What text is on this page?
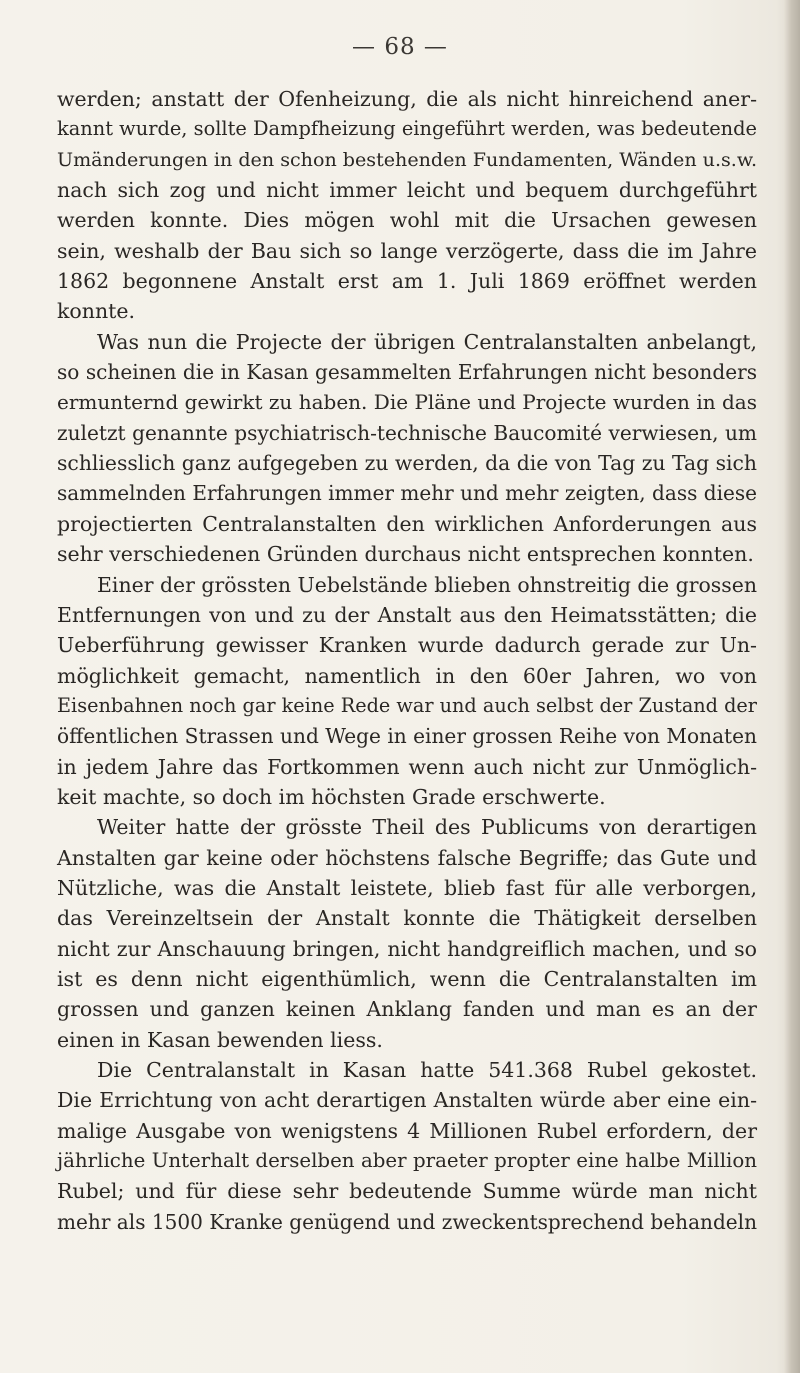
— 68 —
werden; anstatt der Ofenheizung, die als nicht hinreichend aner-
kannt wurde, sollte Dampfheizung eingeführt werden, was bedeutende
Umänderungen in den schon bestehenden Fundamenten, Wänden u.s.w.
nach sich zog und nicht immer leicht und bequem durchgeführt
werden konnte. Dies mögen wohl mit die Ursachen gewesen
sein, weshalb der Bau sich so lange verzögerte, dass die im Jahre
1862 begonnene Anstalt erst am 1. Juli 1869 eröffnet werden
konnte.
Was nun die Projecte der übrigen Centralanstalten anbelangt,
so scheinen die in Kasan gesammelten Erfahrungen nicht besonders
ermunternd gewirkt zu haben. Die Pläne und Projecte wurden in das
zuletzt genannte psychiatrisch-technische Baucomité verwiesen, um
schliesslich ganz aufgegeben zu werden, da die von Tag zu Tag sich
sammelnden Erfahrungen immer mehr und mehr zeigten, dass diese
projectierten Centralanstalten den wirklichen Anforderungen aus
sehr verschiedenen Gründen durchaus nicht entsprechen konnten.
Einer der grössten Uebelstände blieben ohnstreitig die grossen
Entfernungen von und zu der Anstalt aus den Heimatsstätten; die
Ueberführung gewisser Kranken wurde dadurch gerade zur Un-
möglichkeit gemacht, namentlich in den 60er Jahren, wo von
Eisenbahnen noch gar keine Rede war und auch selbst der Zustand der
öffentlichen Strassen und Wege in einer grossen Reihe von Monaten
in jedem Jahre das Fortkommen wenn auch nicht zur Unmöglich-
keit machte, so doch im höchsten Grade erschwerte.
Weiter hatte der grösste Theil des Publicums von derartigen
Anstalten gar keine oder höchstens falsche Begriffe; das Gute und
Nützliche, was die Anstalt leistete, blieb fast für alle verborgen,
das Vereinzeltsein der Anstalt konnte die Thätigkeit derselben
nicht zur Anschauung bringen, nicht handgreiflich machen, und so
ist es denn nicht eigenthümlich, wenn die Centralanstalten im
grossen und ganzen keinen Anklang fanden und man es an der
einen in Kasan bewenden liess.
Die Centralanstalt in Kasan hatte 541.368 Rubel gekostet.
Die Errichtung von acht derartigen Anstalten würde aber eine ein-
malige Ausgabe von wenigstens 4 Millionen Rubel erfordern, der
jährliche Unterhalt derselben aber praeter propter eine halbe Million
Rubel; und für diese sehr bedeutende Summe würde man nicht
mehr als 1500 Kranke genügend und zweckentsprechend behandeln
